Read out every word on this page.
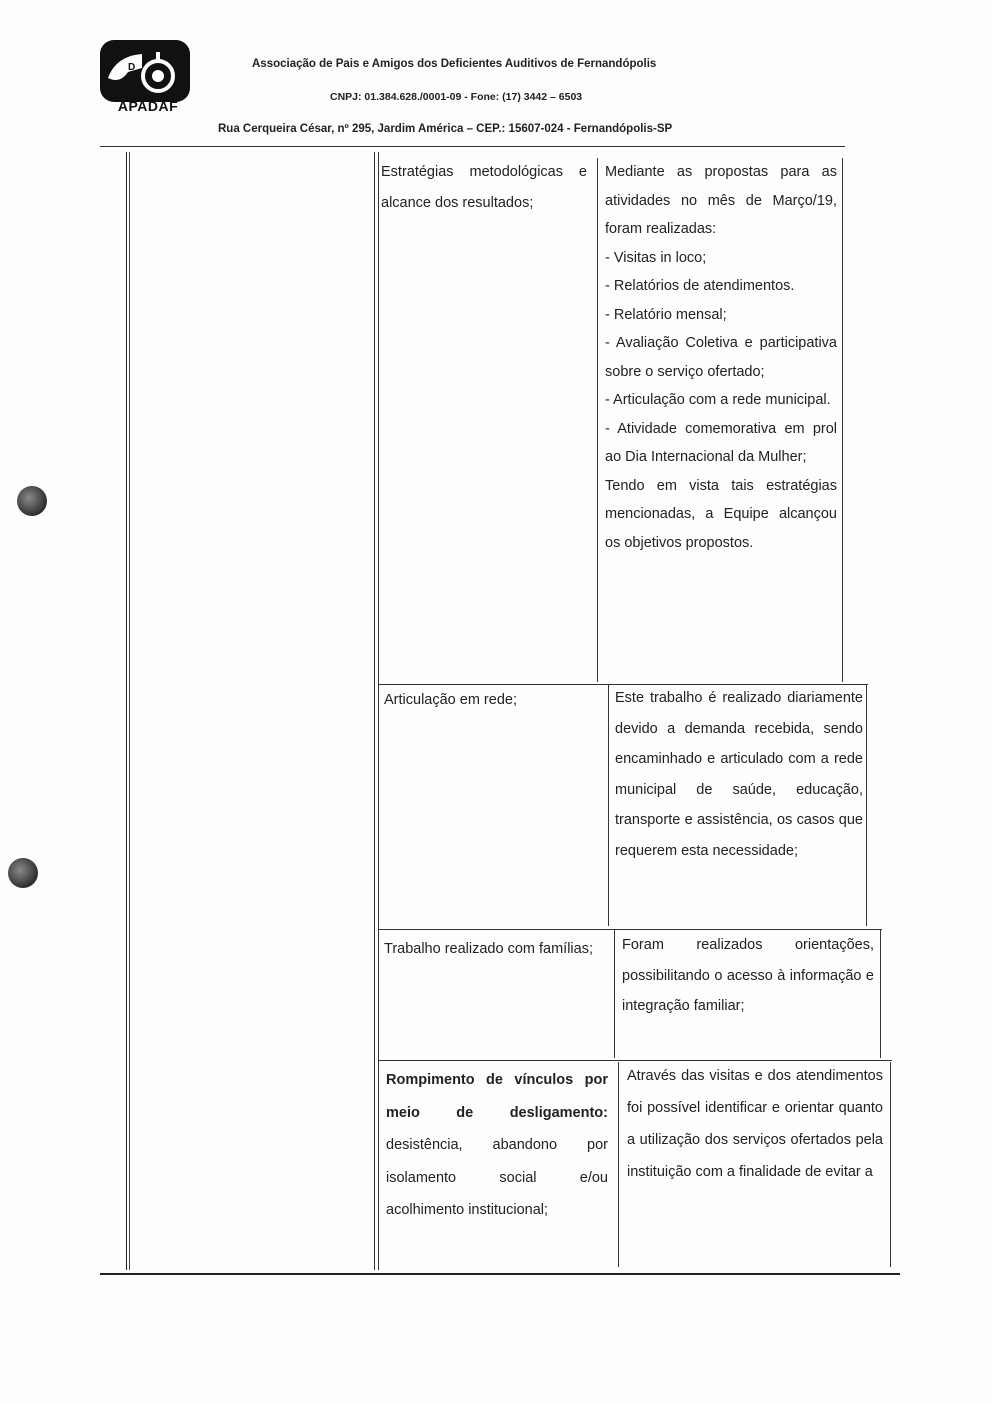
D
APADAF
Associação de Pais e Amigos dos Deficientes Auditivos de Fernandópolis
CNPJ: 01.384.628./0001-09 - Fone: (17) 3442 – 6503
Rua Cerqueira César, nº 295, Jardim América – CEP.: 15607-024 - Fernandópolis-SP
Estratégias metodológicas e alcance dos resultados;

Mediante as propostas para as atividades no mês de Março/19, foram realizadas:

- Visitas in loco;

- Relatórios de atendimentos.

- Relatório mensal;

- Avaliação Coletiva e participativa sobre o serviço ofertado;

- Articulação com a rede municipal.

- Atividade comemorativa em prol ao Dia Internacional da Mulher;

Tendo em vista tais estratégias mencionadas, a Equipe alcançou os objetivos propostos.

Articulação em rede;	Este trabalho é realizado diariamente devido a demanda recebida, sendo encaminhado e articulado com a rede municipal de saúde, educação, transporte e assistência, os casos que requerem esta necessidade;

Trabalho realizado com famílias;	Foram realizados orientações, possibilitando o acesso à informação e integração familiar;

Rompimento de vínculos por meio de desligamento: desistência, abandono por isolamento social e/ou acolhimento institucional;

Através das visitas e dos atendimentos foi possível identificar e orientar quanto a utilização dos serviços ofertados pela instituição com a finalidade de evitar a
